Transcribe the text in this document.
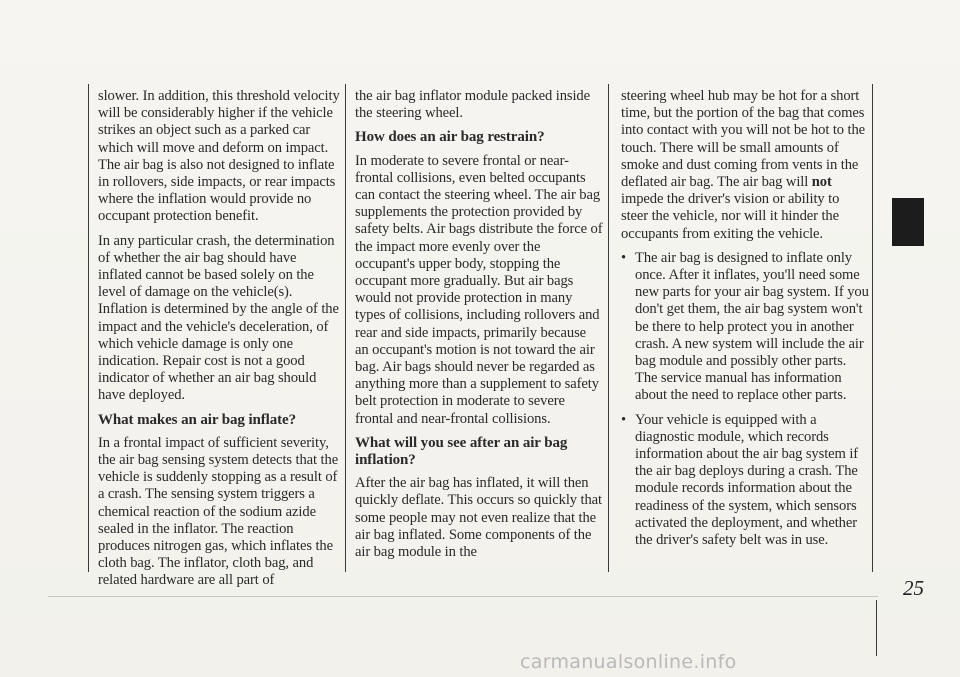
slower. In addition, this threshold velocity will be considerably higher if the vehicle strikes an object such as a parked car which will move and deform on impact. The air bag is also not designed to inflate in rollovers, side impacts, or rear impacts where the inflation would provide no occupant protection benefit.

In any particular crash, the determination of whether the air bag should have inflated cannot be based solely on the level of damage on the vehicle(s). Inflation is determined by the angle of the impact and the vehicle's deceleration, of which vehicle damage is only one indication. Repair cost is not a good indicator of whether an air bag should have deployed.

What makes an air bag inflate?

In a frontal impact of sufficient severity, the air bag sensing system detects that the vehicle is suddenly stopping as a result of a crash. The sensing system triggers a chemical reaction of the sodium azide sealed in the inflator. The reaction produces nitrogen gas, which inflates the cloth bag. The inflator, cloth bag, and related hardware are all part of

the air bag inflator module packed inside the steering wheel.

How does an air bag restrain?

In moderate to severe frontal or near-frontal collisions, even belted occupants can contact the steering wheel. The air bag supplements the protection provided by safety belts. Air bags distribute the force of the impact more evenly over the occupant's upper body, stopping the occupant more gradually. But air bags would not provide protection in many types of collisions, including rollovers and rear and side impacts, primarily because an occupant's motion is not toward the air bag. Air bags should never be regarded as anything more than a supplement to safety belt protection in moderate to severe frontal and near-frontal collisions.

What will you see after an air bag inflation?

After the air bag has inflated, it will then quickly deflate. This occurs so quickly that some people may not even realize that the air bag inflated. Some components of the air bag module in the

steering wheel hub may be hot for a short time, but the portion of the bag that comes into contact with you will not be hot to the touch. There will be small amounts of smoke and dust coming from vents in the deflated air bag. The air bag will not impede the driver's vision or ability to steer the vehicle, nor will it hinder the occupants from exiting the vehicle.

• The air bag is designed to inflate only once. After it inflates, you'll need some new parts for your air bag system. If you don't get them, the air bag system won't be there to help protect you in another crash. A new system will include the air bag module and possibly other parts. The service manual has information about the need to replace other parts.
• Your vehicle is equipped with a diagnostic module, which records information about the air bag system if the air bag deploys during a crash. The module records information about the readiness of the system, which sensors activated the deployment, and whether the driver's safety belt was in use.
25
carmanualsonline.info
